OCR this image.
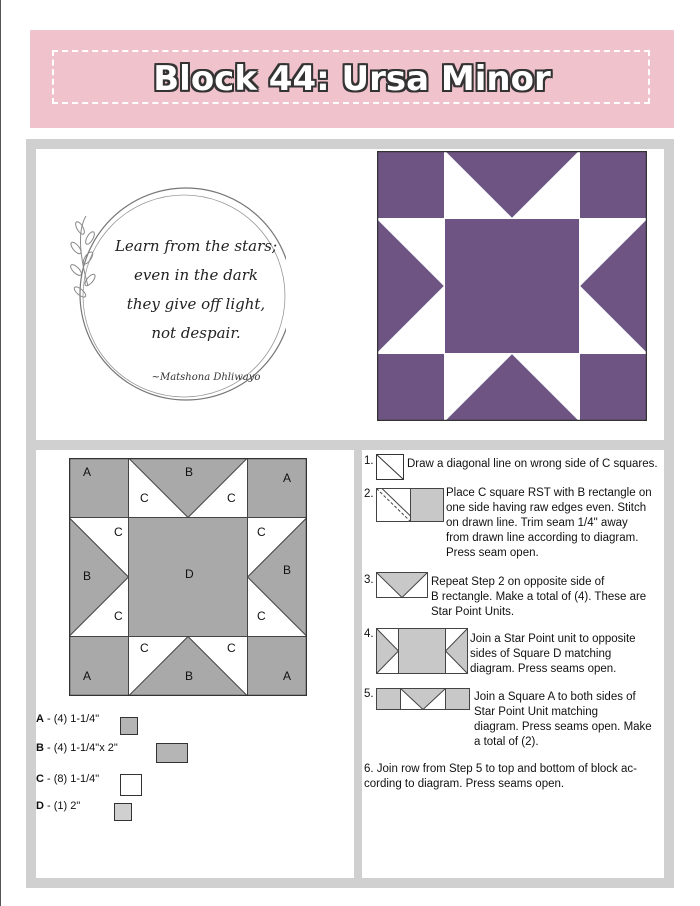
Block 44: Ursa Minor
Learn from the stars;
even in the dark
they give off light,
not despair.
~Matshona Dhliwayo
A	B	A
C	C
C	C
B	D	B
C	C
C	C
A	B	A
A - (4) 1-1/4"
B - (4) 1-1/4"x 2"
C - (8) 1-1/4"
D - (1) 2"
1.	Draw a diagonal line on wrong side of C squares.
2.	Place C square RST with B rectangle on
one side having raw edges even. Stitch
on drawn line. Trim seam 1/4" away
from drawn line according to diagram.
Press seam open.
3.	Repeat Step 2 on opposite side of
B rectangle. Make a total of (4). These are
Star Point Units.
4.	Join a Star Point unit to opposite
sides of Square D matching
diagram. Press seams open.
5.	Join a Square A to both sides of
Star Point Unit matching
diagram. Press seams open. Make
a total of (2).
6. Join row from Step 5 to top and bottom of block ac-
cording to diagram. Press seams open.
